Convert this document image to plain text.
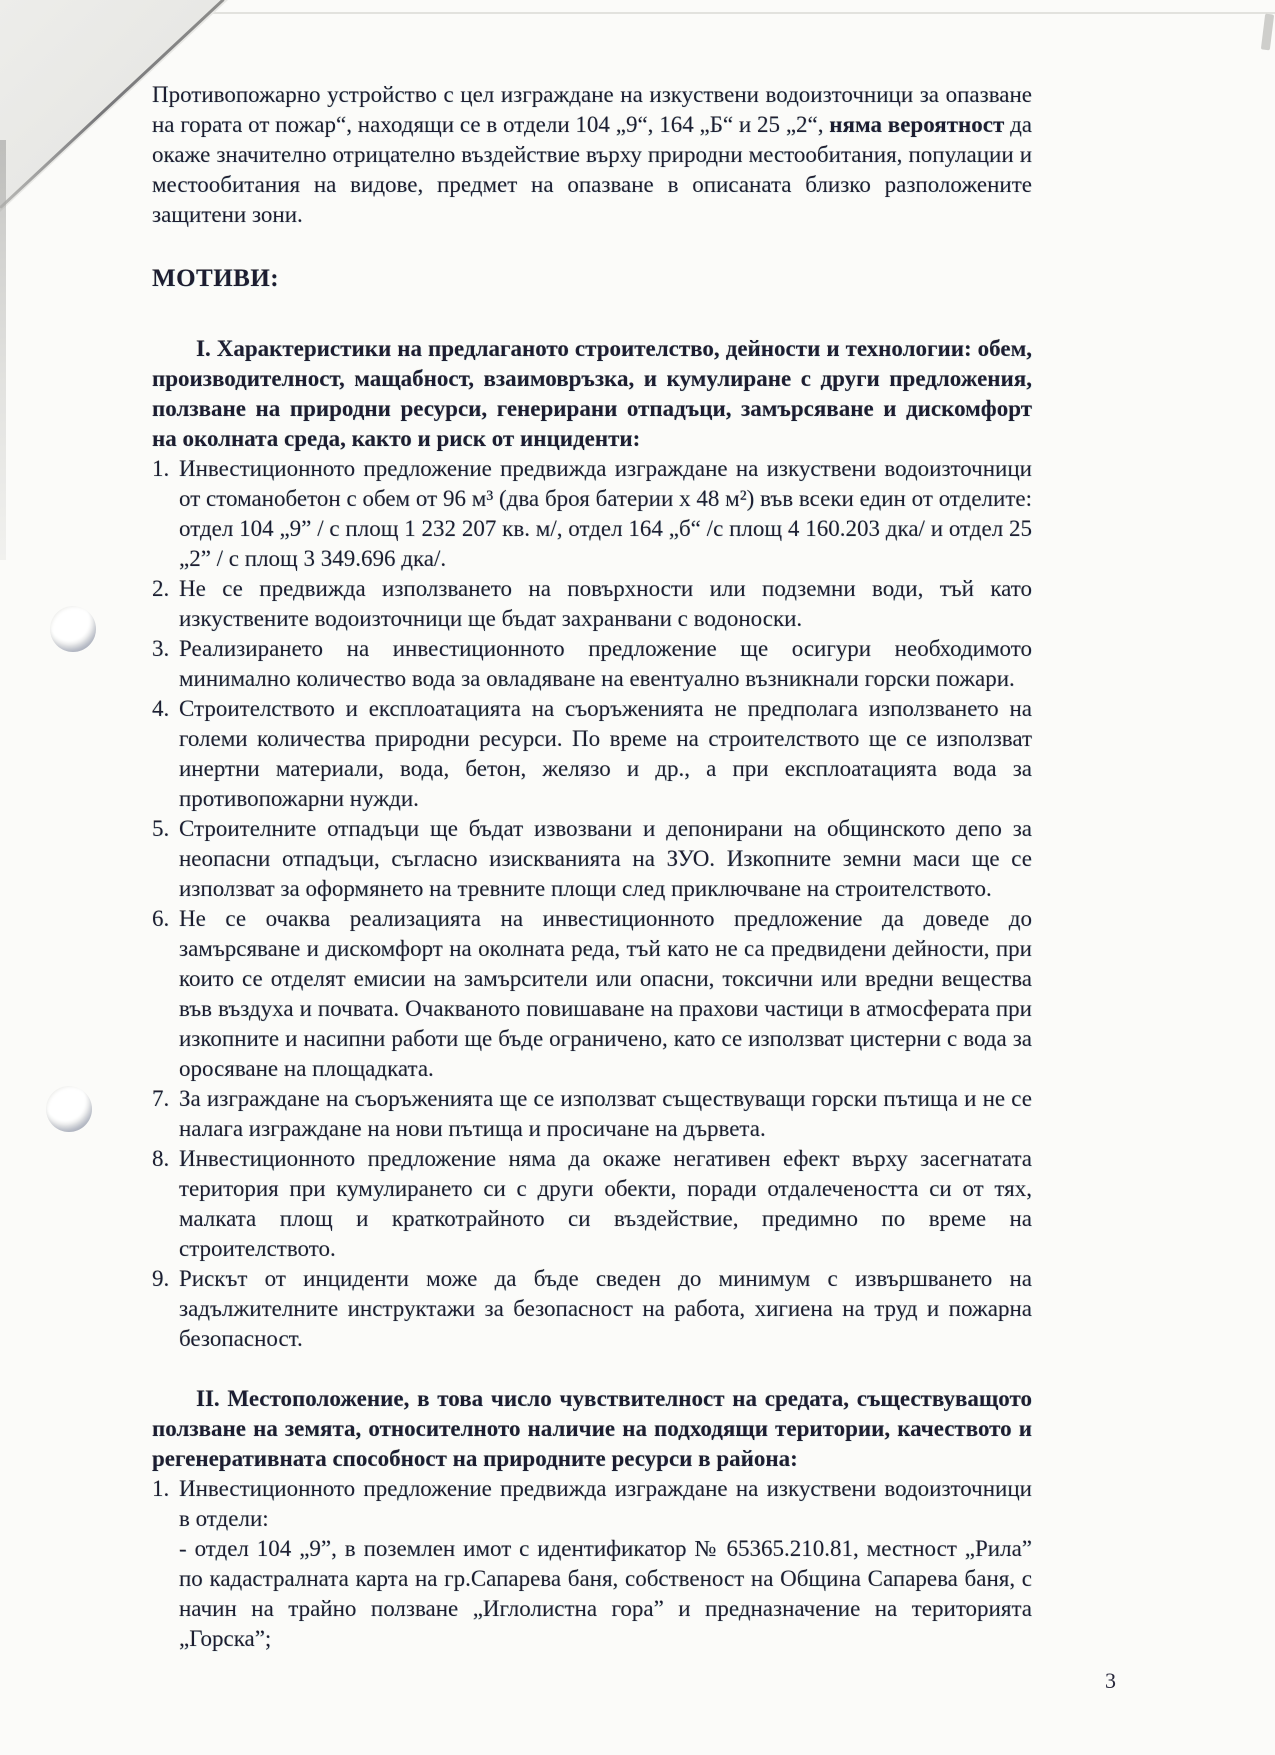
Противопожарно устройство с цел изграждане на изкуствени водоизточници за опазване на гората от пожар“, находящи се в отдели 104 „9“, 164 „Б“ и 25 „2“, няма вероятност да окаже значително отрицателно въздействие върху природни местообитания, популации и местообитания на видове, предмет на опазване в описаната близко разположените защитени зони.

МОТИВИ:

I. Характеристики на предлаганото строителство, дейности и технологии: обем, производителност, мащабност, взаимовръзка, и кумулиране с други предложения, ползване на природни ресурси, генерирани отпадъци, замърсяване и дискомфорт на околната среда, както и риск от инциденти:

1. Инвестиционното предложение предвижда изграждане на изкуствени водоизточници от стоманобетон с обем от 96 м³ (два броя батерии х 48 м²) във всеки един от отделите: отдел 104 „9” / с площ 1 232 207 кв. м/, отдел 164 „б“ /с площ 4 160.203 дка/ и отдел 25 „2” / с площ 3 349.696 дка/.
2. Не се предвижда използването на повърхности или подземни води, тъй като изкуствените водоизточници ще бъдат захранвани с водоноски.
3. Реализирането на инвестиционното предложение ще осигури необходимото минимално количество вода за овладяване на евентуално възникнали горски пожари.
4. Строителството и експлоатацията на съоръженията не предполага използването на големи количества природни ресурси. По време на строителството ще се използват инертни материали, вода, бетон, желязо и др., а при експлоатацията вода за противопожарни нужди.
5. Строителните отпадъци ще бъдат извозвани и депонирани на общинското депо за неопасни отпадъци, съгласно изискванията на ЗУО. Изкопните земни маси ще се използват за оформянето на тревните площи след приключване на строителството.
6. Не се очаква реализацията на инвестиционното предложение да доведе до замърсяване и дискомфорт на околната реда, тъй като не са предвидени дейности, при които се отделят емисии на замърсители или опасни, токсични или вредни вещества във въздуха и почвата. Очакваното повишаване на прахови частици в атмосферата при изкопните и насипни работи ще бъде ограничено, като се използват цистерни с вода за оросяване на площадката.
7. За изграждане на съоръженията ще се използват съществуващи горски пътища и не се налага изграждане на нови пътища и просичане на дървета.
8. Инвестиционното предложение няма да окаже негативен ефект върху засегнатата територия при кумулирането си с други обекти, поради отдалечеността си от тях, малката площ и краткотрайното си въздействие, предимно по време на строителството.
9. Рискът от инциденти може да бъде сведен до минимум с извършването на задължителните инструктажи за безопасност на работа, хигиена на труд и пожарна безопасност.

II. Местоположение, в това число чувствителност на средата, съществуващото ползване на земята, относителното наличие на подходящи територии, качеството и регенеративната способност на природните ресурси в района:

1. Инвестиционното предложение предвижда изграждане на изкуствени водоизточници в отдели:

- отдел 104 „9”, в поземлен имот с идентификатор № 65365.210.81, местност „Рила” по кадастралната карта на гр.Сапарева баня, собственост на Община Сапарева баня, с начин на трайно ползване „Иглолистна гора” и предназначение на територията „Горска”;

3
